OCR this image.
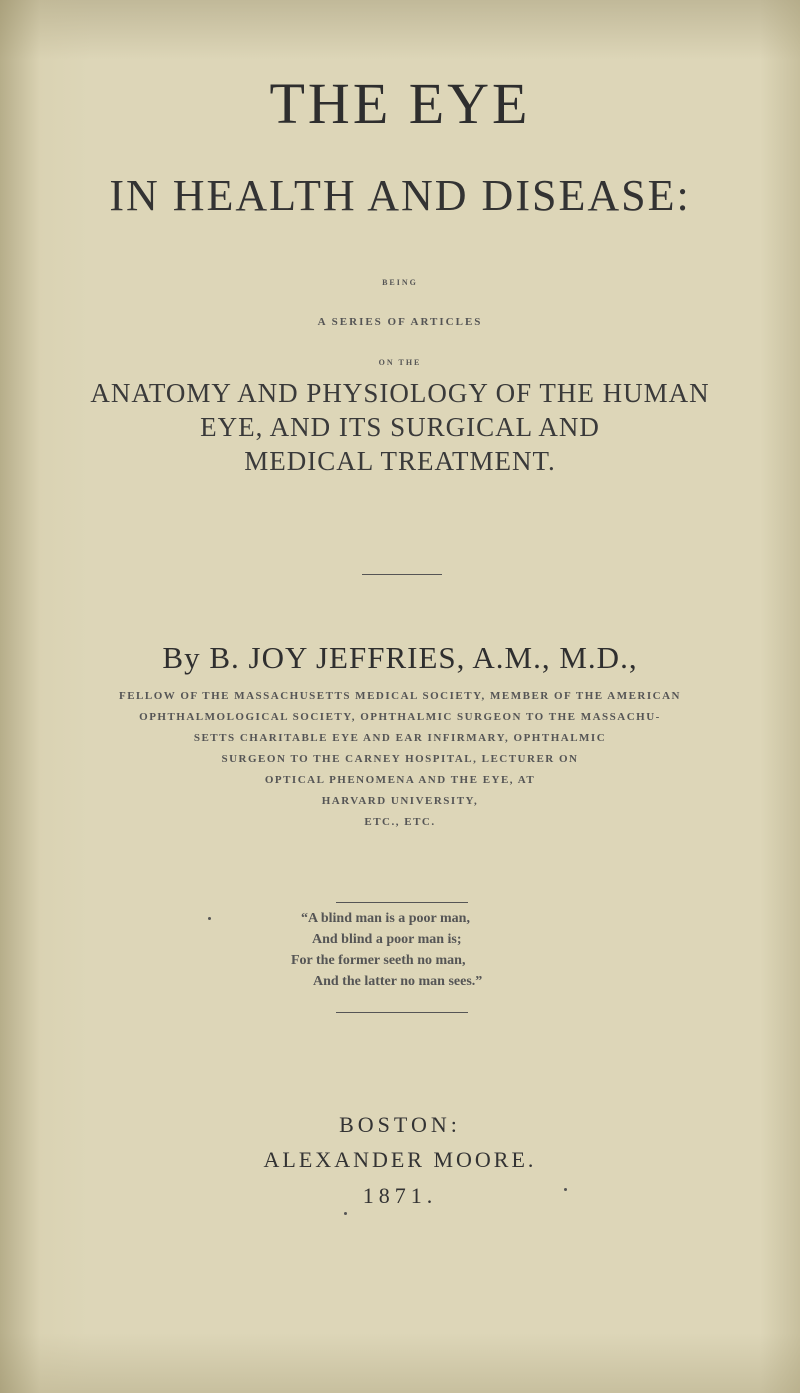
THE EYE
IN HEALTH AND DISEASE:
BEING
A SERIES OF ARTICLES
ON THE
ANATOMY AND PHYSIOLOGY OF THE HUMAN
EYE, AND ITS SURGICAL AND
MEDICAL TREATMENT.
By B. JOY JEFFRIES, A.M., M.D.,
FELLOW OF THE MASSACHUSETTS MEDICAL SOCIETY, MEMBER OF THE AMERICAN
OPHTHALMOLOGICAL SOCIETY, OPHTHALMIC SURGEON TO THE MASSACHU-
SETTS CHARITABLE EYE AND EAR INFIRMARY, OPHTHALMIC
SURGEON TO THE CARNEY HOSPITAL, LECTURER ON
OPTICAL PHENOMENA AND THE EYE, AT
HARVARD UNIVERSITY,
ETC., ETC.
“A blind man is a poor man,
And blind a poor man is;
For the former seeth no man,
And the latter no man sees.”
BOSTON:
ALEXANDER MOORE.
1871.
